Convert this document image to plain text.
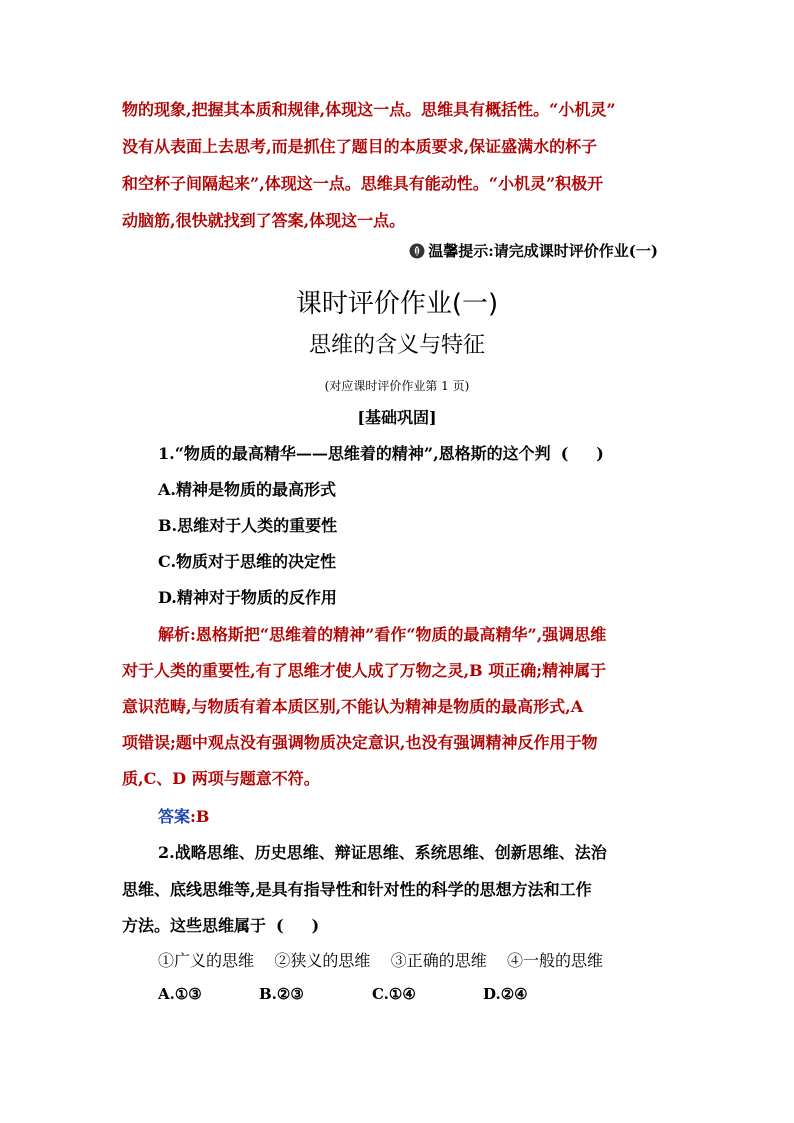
物的现象,把握其本质和规律,体现这一点。思维具有概括性。“小机灵”

没有从表面上去思考,而是抓住了题目的本质要求,保证盛满水的杯子

和空杯子间隔起来”,体现这一点。思维具有能动性。“小机灵”积极开

动脑筋,很快就找到了答案,体现这一点。

温馨提示:请完成课时评价作业(一)
课时评价作业(一)
思维的含义与特征
(对应课时评价作业第 1 页)
[基础巩固]
1.“物质的最高精华——思维着的精神”,恩格斯的这个判 ( )
A.精神是物质的最高形式
B.思维对于人类的重要性
C.物质对于思维的决定性
D.精神对于物质的反作用
解析:恩格斯把“思维着的精神”看作“物质的最高精华”,强调思维
对于人类的重要性,有了思维才使人成了万物之灵,B 项正确;精神属于
意识范畴,与物质有着本质区别,不能认为精神是物质的最高形式,A
项错误;题中观点没有强调物质决定意识,也没有强调精神反作用于物
质,C、D 两项与题意不符。
答案:B
2.战略思维、历史思维、辩证思维、系统思维、创新思维、法治
思维、底线思维等,是具有指导性和针对性的科学的思想方法和工作
方法。这些思维属于 ( )
①广义的思维    ②狭义的思维    ③正确的思维    ④一般的思维
A.①③	B.②③	C.①④	D.②④
